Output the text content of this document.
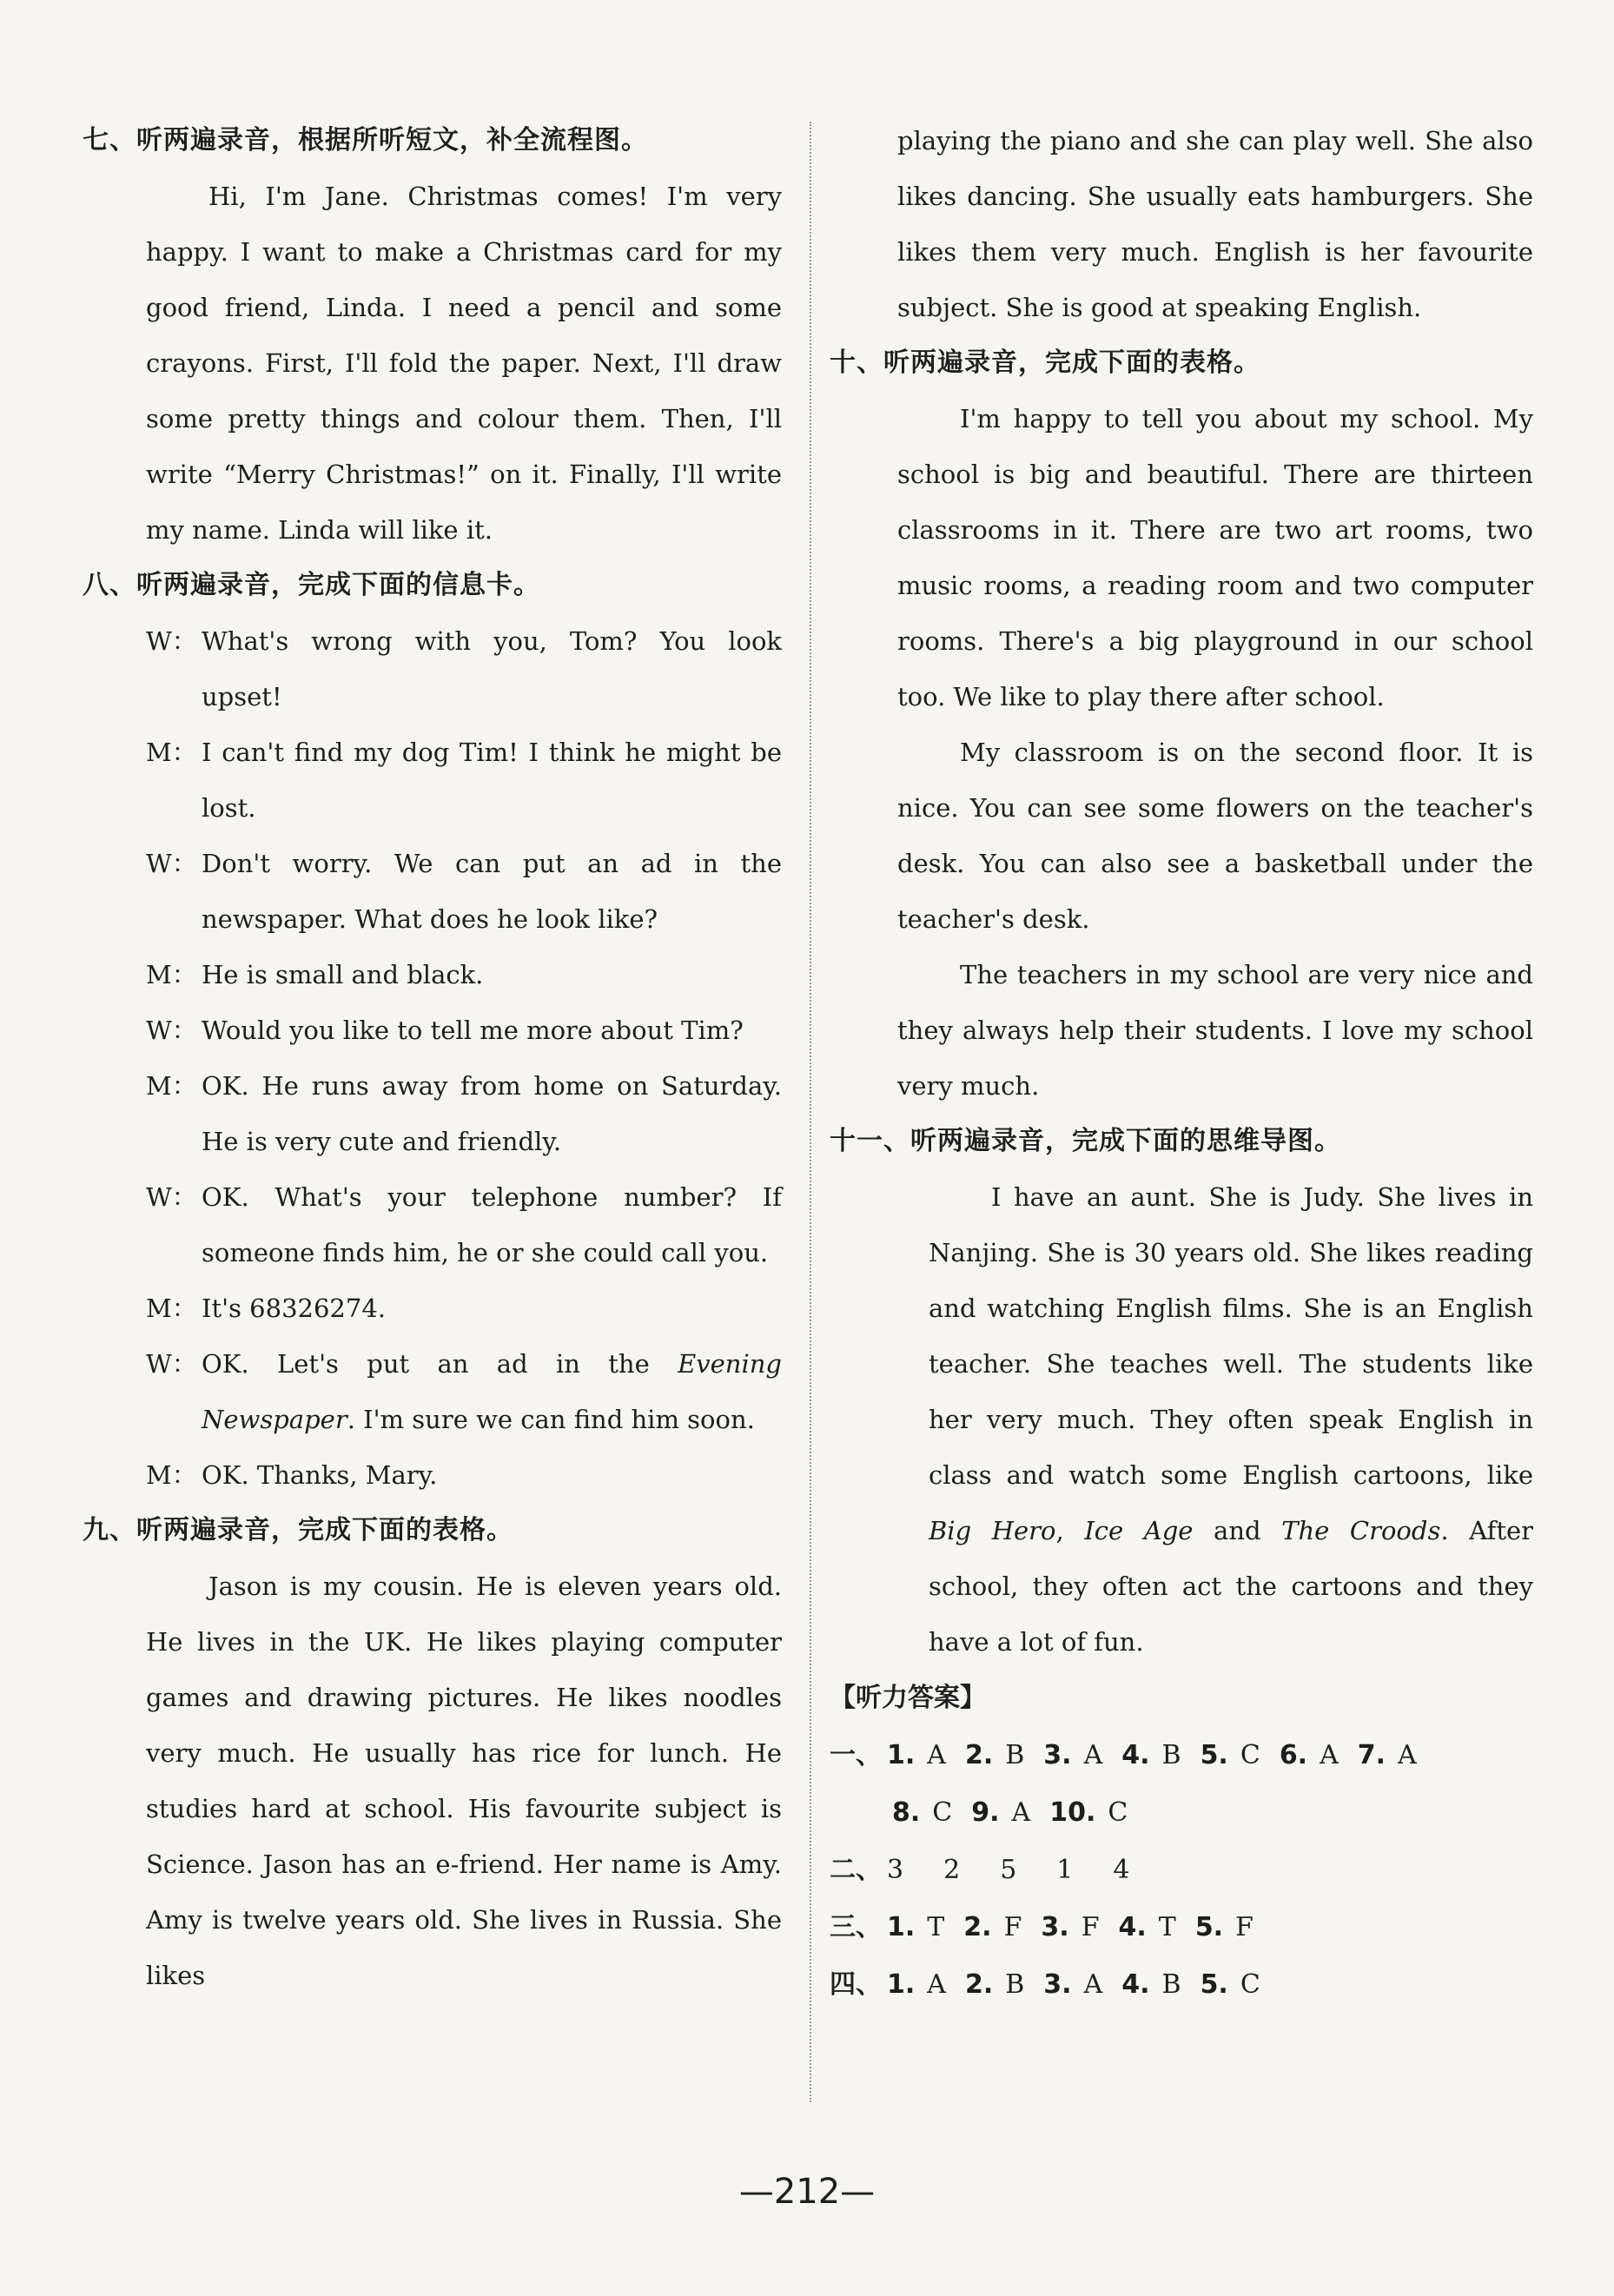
七、听两遍录音，根据所听短文，补全流程图。
Hi, I'm Jane. Christmas comes! I'm very happy. I want to make a Christmas card for my good friend, Linda. I need a pencil and some crayons. First, I'll fold the paper. Next, I'll draw some pretty things and colour them. Then, I'll write “Merry Christmas!” on it. Finally, I'll write my name. Linda will like it.
八、听两遍录音，完成下面的信息卡。
W： What's wrong with you, Tom? You look upset!
M： I can't find my dog Tim! I think he might be lost.
W： Don't worry. We can put an ad in the newspaper. What does he look like?
M： He is small and black.
W： Would you like to tell me more about Tim?
M： OK. He runs away from home on Saturday. He is very cute and friendly.
W： OK. What's your telephone number? If someone finds him, he or she could call you.
M： It's 68326274.
W： OK. Let's put an ad in the Evening Newspaper. I'm sure we can find him soon.
M： OK. Thanks, Mary.
九、听两遍录音，完成下面的表格。
Jason is my cousin. He is eleven years old. He lives in the UK. He likes playing computer games and drawing pictures. He likes noodles very much. He usually has rice for lunch. He studies hard at school. His favourite subject is Science. Jason has an e-friend. Her name is Amy. Amy is twelve years old. She lives in Russia. She likes
playing the piano and she can play well. She also likes dancing. She usually eats hamburgers. She likes them very much. English is her favourite subject. She is good at speaking English.
十、听两遍录音，完成下面的表格。
I'm happy to tell you about my school. My school is big and beautiful. There are thirteen classrooms in it. There are two art rooms, two music rooms, a reading room and two computer rooms. There's a big playground in our school too. We like to play there after school.
My classroom is on the second floor. It is nice. You can see some flowers on the teacher's desk. You can also see a basketball under the teacher's desk.
The teachers in my school are very nice and they always help their students. I love my school very much.
十一、听两遍录音，完成下面的思维导图。
I have an aunt. She is Judy. She lives in Nanjing. She is 30 years old. She likes reading and watching English films. She is an English teacher. She teaches well. The students like her very much. They often speak English in class and watch some English cartoons, like Big Hero, Ice Age and The Croods. After school, they often act the cartoons and they have a lot of fun.
【听力答案】
一、 1. A 2. B 3. A 4. B 5. C 6. A 7. A
8. C 9. A 10. C
二、 3 2 5 1 4
三、 1. T 2. F 3. F 4. T 5. F
四、 1. A 2. B 3. A 4. B 5. C
—212—
